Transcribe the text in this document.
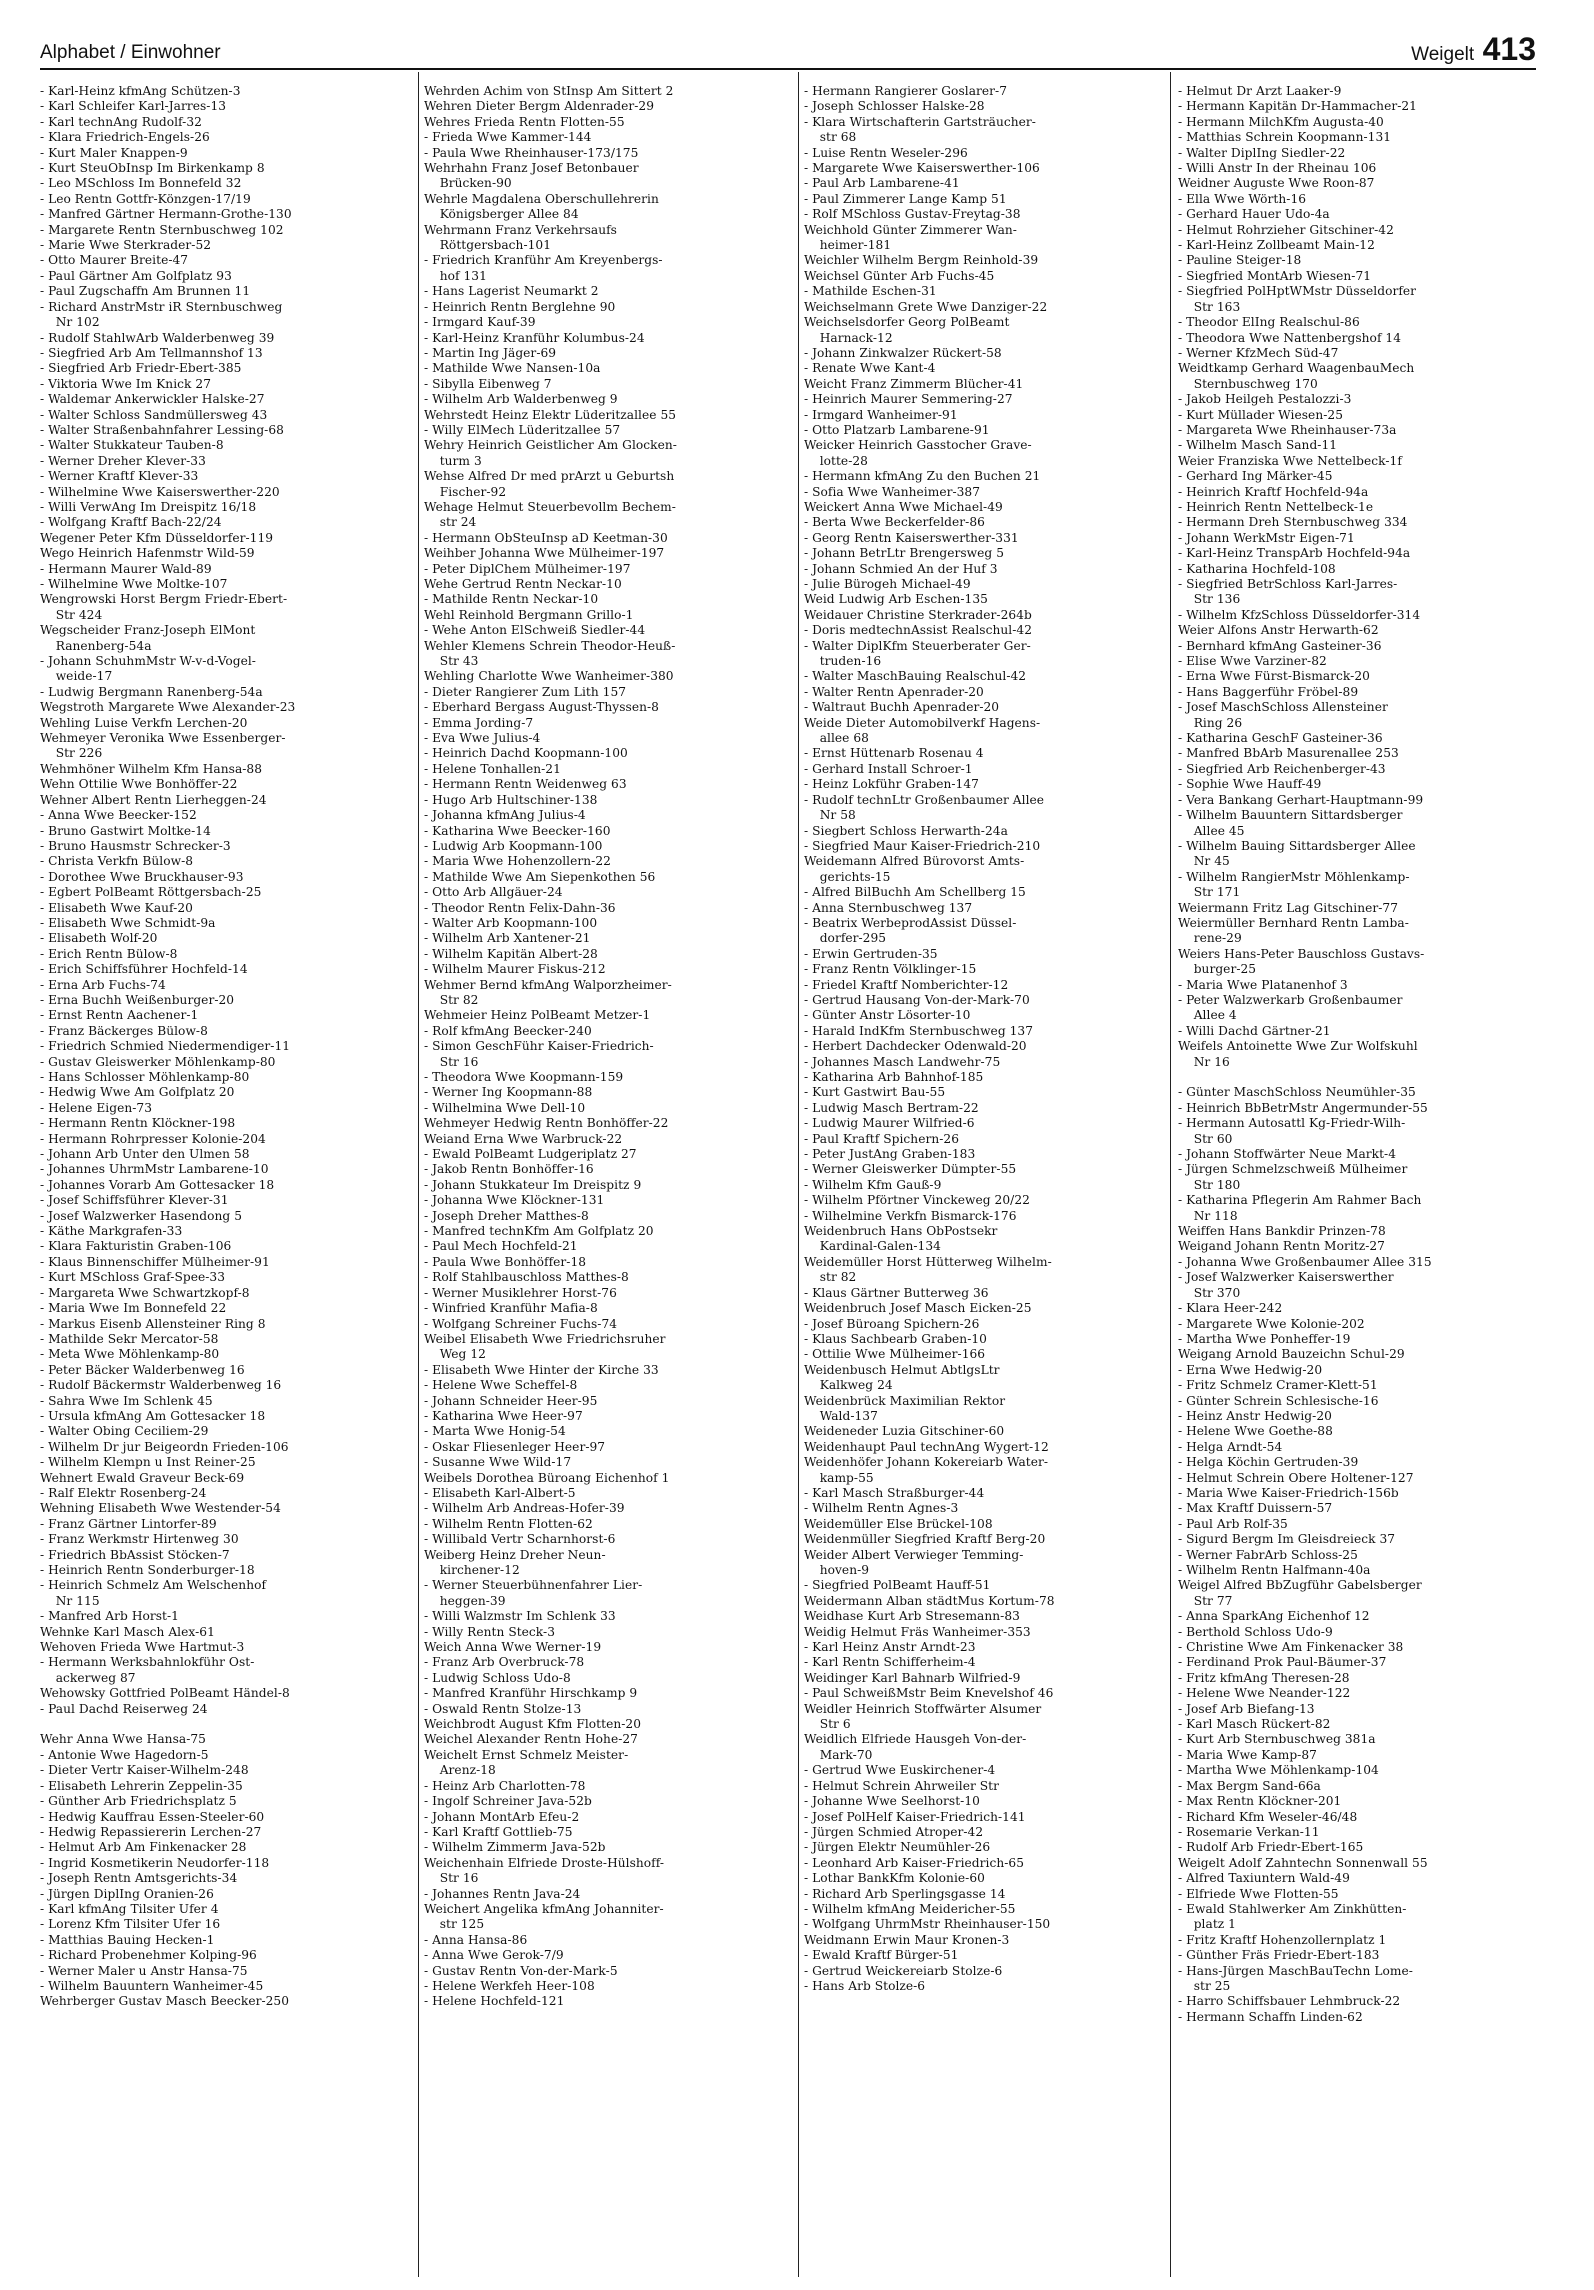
Alphabet / Einwohner	Weigelt 413
- Karl-Heinz kfmAng Schützen-3
- Karl Schleifer Karl-Jarres-13
- Karl technAng Rudolf-32
- Klara Friedrich-Engels-26
- Kurt Maler Knappen-9
- Kurt SteuObInsp Im Birkenkamp 8
- Leo MSchloss Im Bonnefeld 32
- Leo Rentn Gottfr-Könzgen-17/19
- Manfred Gärtner Hermann-Grothe-130
- Margarete Rentn Sternbuschweg 102
- Marie Wwe Sterkrader-52
- Otto Maurer Breite-47
- Paul Gärtner Am Golfplatz 93
- Paul Zugschaffn Am Brunnen 11
- Richard AnstrMstr iR Sternbuschweg
Nr 102
- Rudolf StahlwArb Walderbenweg 39
- Siegfried Arb Am Tellmannshof 13
- Siegfried Arb Friedr-Ebert-385
- Viktoria Wwe Im Knick 27
- Waldemar Ankerwickler Halske-27
- Walter Schloss Sandmüllersweg 43
- Walter Straßenbahnfahrer Lessing-68
- Walter Stukkateur Tauben-8
- Werner Dreher Klever-33
- Werner Kraftf Klever-33
- Wilhelmine Wwe Kaiserswerther-220
- Willi VerwAng Im Dreispitz 16/18
- Wolfgang Kraftf Bach-22/24
Wegener Peter Kfm Düsseldorfer-119
Wego Heinrich Hafenmstr Wild-59
- Hermann Maurer Wald-89
- Wilhelmine Wwe Moltke-107
Wengrowski Horst Bergm Friedr-Ebert-
Str 424
Wegscheider Franz-Joseph ElMont
Ranenberg-54a
- Johann SchuhmMstr W-v-d-Vogel-
weide-17
- Ludwig Bergmann Ranenberg-54a
Wegstroth Margarete Wwe Alexander-23
Wehling Luise Verkfn Lerchen-20
Wehmeyer Veronika Wwe Essenberger-
Str 226
Wehmhöner Wilhelm Kfm Hansa-88
Wehn Ottilie Wwe Bonhöffer-22
Wehner Albert Rentn Lierheggen-24
- Anna Wwe Beecker-152
- Bruno Gastwirt Moltke-14
- Bruno Hausmstr Schrecker-3
- Christa Verkfn Bülow-8
- Dorothee Wwe Bruckhauser-93
- Egbert PolBeamt Röttgersbach-25
- Elisabeth Wwe Kauf-20
- Elisabeth Wwe Schmidt-9a
- Elisabeth Wolf-20
- Erich Rentn Bülow-8
- Erich Schiffsführer Hochfeld-14
- Erna Arb Fuchs-74
- Erna Buchh Weißenburger-20
- Ernst Rentn Aachener-1
- Franz Bäckerges Bülow-8
- Friedrich Schmied Niedermendiger-11
- Gustav Gleiswerker Möhlenkamp-80
- Hans Schlosser Möhlenkamp-80
- Hedwig Wwe Am Golfplatz 20
- Helene Eigen-73
- Hermann Rentn Klöckner-198
- Hermann Rohrpresser Kolonie-204
- Johann Arb Unter den Ulmen 58
- Johannes UhrmMstr Lambarene-10
- Johannes Vorarb Am Gottesacker 18
- Josef Schiffsführer Klever-31
- Josef Walzwerker Hasendong 5
- Käthe Markgrafen-33
- Klara Fakturistin Graben-106
- Klaus Binnenschiffer Mülheimer-91
- Kurt MSchloss Graf-Spee-33
- Margareta Wwe Schwartzkopf-8
- Maria Wwe Im Bonnefeld 22
- Markus Eisenb Allensteiner Ring 8
- Mathilde Sekr Mercator-58
- Meta Wwe Möhlenkamp-80
- Peter Bäcker Walderbenweg 16
- Rudolf Bäckermstr Walderbenweg 16
- Sahra Wwe Im Schlenk 45
- Ursula kfmAng Am Gottesacker 18
- Walter Obing Ceciliem-29
- Wilhelm Dr jur Beigeordn Frieden-106
- Wilhelm Klempn u Inst Reiner-25
Wehnert Ewald Graveur Beck-69
- Ralf Elektr Rosenberg-24
Wehning Elisabeth Wwe Westender-54
- Franz Gärtner Lintorfer-89
- Franz Werkmstr Hirtenweg 30
- Friedrich BbAssist Stöcken-7
- Heinrich Rentn Sonderburger-18
- Heinrich Schmelz Am Welschenhof
Nr 115
- Manfred Arb Horst-1
Wehnke Karl Masch Alex-61
Wehoven Frieda Wwe Hartmut-3
- Hermann Werksbahnlokführ Ost-
ackerweg 87
Wehowsky Gottfried PolBeamt Händel-8
- Paul Dachd Reiserweg 24

Wehr Anna Wwe Hansa-75
- Antonie Wwe Hagedorn-5
- Dieter Vertr Kaiser-Wilhelm-248
- Elisabeth Lehrerin Zeppelin-35
- Günther Arb Friedrichsplatz 5
- Hedwig Kauffrau Essen-Steeler-60
- Hedwig Repassiererin Lerchen-27
- Helmut Arb Am Finkenacker 28
- Ingrid Kosmetikerin Neudorfer-118
- Joseph Rentn Amtsgerichts-34
- Jürgen DiplIng Oranien-26
- Karl kfmAng Tilsiter Ufer 4
- Lorenz Kfm Tilsiter Ufer 16
- Matthias Bauing Hecken-1
- Richard Probenehmer Kolping-96
- Werner Maler u Anstr Hansa-75
- Wilhelm Bauuntern Wanheimer-45
Wehrberger Gustav Masch Beecker-250
Wehrden Achim von StInsp Am Sittert 2
Wehren Dieter Bergm Aldenrader-29
Wehres Frieda Rentn Flotten-55
- Frieda Wwe Kammer-144
- Paula Wwe Rheinhauser-173/175
Wehrhahn Franz Josef Betonbauer
Brücken-90
Wehrle Magdalena Oberschullehrerin
Königsberger Allee 84
Wehrmann Franz Verkehrsaufs
Röttgersbach-101
- Friedrich Kranführ Am Kreyenbergs-
hof 131
- Hans Lagerist Neumarkt 2
- Heinrich Rentn Berglehne 90
- Irmgard Kauf-39
- Karl-Heinz Kranführ Kolumbus-24
- Martin Ing Jäger-69
- Mathilde Wwe Nansen-10a
- Sibylla Eibenweg 7
- Wilhelm Arb Walderbenweg 9
Wehrstedt Heinz Elektr Lüderitzallee 55
- Willy ElMech Lüderitzallee 57
Wehry Heinrich Geistlicher Am Glocken-
turm 3
Wehse Alfred Dr med prArzt u Geburtsh
Fischer-92
Wehage Helmut Steuerbevollm Bechem-
str 24
- Hermann ObSteuInsp aD Keetman-30
Weihber Johanna Wwe Mülheimer-197
- Peter DiplChem Mülheimer-197
Wehe Gertrud Rentn Neckar-10
- Mathilde Rentn Neckar-10
Wehl Reinhold Bergmann Grillo-1
- Wehe Anton ElSchweiß Siedler-44
Wehler Klemens Schrein Theodor-Heuß-
Str 43
Wehling Charlotte Wwe Wanheimer-380
- Dieter Rangierer Zum Lith 157
- Eberhard Bergass August-Thyssen-8
- Emma Jording-7
- Eva Wwe Julius-4
- Heinrich Dachd Koopmann-100
- Helene Tonhallen-21
- Hermann Rentn Weidenweg 63
- Hugo Arb Hultschiner-138
- Johanna kfmAng Julius-4
- Katharina Wwe Beecker-160
- Ludwig Arb Koopmann-100
- Maria Wwe Hohenzollern-22
- Mathilde Wwe Am Siepenkothen 56
- Otto Arb Allgäuer-24
- Theodor Rentn Felix-Dahn-36
- Walter Arb Koopmann-100
- Wilhelm Arb Xantener-21
- Wilhelm Kapitän Albert-28
- Wilhelm Maurer Fiskus-212
Wehmer Bernd kfmAng Walporzheimer-
Str 82
Wehmeier Heinz PolBeamt Metzer-1
- Rolf kfmAng Beecker-240
- Simon GeschFühr Kaiser-Friedrich-
Str 16
- Theodora Wwe Koopmann-159
- Werner Ing Koopmann-88
- Wilhelmina Wwe Dell-10
Wehmeyer Hedwig Rentn Bonhöffer-22
Weiand Erna Wwe Warbruck-22
- Ewald PolBeamt Ludgeriplatz 27
- Jakob Rentn Bonhöffer-16
- Johann Stukkateur Im Dreispitz 9
- Johanna Wwe Klöckner-131
- Joseph Dreher Matthes-8
- Manfred technKfm Am Golfplatz 20
- Paul Mech Hochfeld-21
- Paula Wwe Bonhöffer-18
- Rolf Stahlbauschloss Matthes-8
- Werner Musiklehrer Horst-76
- Winfried Kranführ Mafia-8
- Wolfgang Schreiner Fuchs-74
Weibel Elisabeth Wwe Friedrichsruher
Weg 12
- Elisabeth Wwe Hinter der Kirche 33
- Helene Wwe Scheffel-8
- Johann Schneider Heer-95
- Katharina Wwe Heer-97
- Marta Wwe Honig-54
- Oskar Fliesenleger Heer-97
- Susanne Wwe Wild-17
Weibels Dorothea Büroang Eichenhof 1
- Elisabeth Karl-Albert-5
- Wilhelm Arb Andreas-Hofer-39
- Wilhelm Rentn Flotten-62
- Willibald Vertr Scharnhorst-6
Weiberg Heinz Dreher Neun-
kirchener-12
- Werner Steuerbühnenfahrer Lier-
heggen-39
- Willi Walzmstr Im Schlenk 33
- Willy Rentn Steck-3
Weich Anna Wwe Werner-19
- Franz Arb Overbruck-78
- Ludwig Schloss Udo-8
- Manfred Kranführ Hirschkamp 9
- Oswald Rentn Stolze-13
Weichbrodt August Kfm Flotten-20
Weichel Alexander Rentn Hohe-27
Weichelt Ernst Schmelz Meister-
Arenz-18
- Heinz Arb Charlotten-78
- Ingolf Schreiner Java-52b
- Johann MontArb Efeu-2
- Karl Kraftf Gottlieb-75
- Wilhelm Zimmerm Java-52b
Weichenhain Elfriede Droste-Hülshoff-
Str 16
- Johannes Rentn Java-24
Weichert Angelika kfmAng Johanniter-
str 125
- Anna Hansa-86
- Anna Wwe Gerok-7/9
- Gustav Rentn Von-der-Mark-5
- Helene Werkfeh Heer-108
- Helene Hochfeld-121
- Hermann Rangierer Goslarer-7
- Joseph Schlosser Halske-28
- Klara Wirtschafterin Gartsträucher-
str 68
- Luise Rentn Weseler-296
- Margarete Wwe Kaiserswerther-106
- Paul Arb Lambarene-41
- Paul Zimmerer Lange Kamp 51
- Rolf MSchloss Gustav-Freytag-38
Weichhold Günter Zimmerer Wan-
heimer-181
Weichler Wilhelm Bergm Reinhold-39
Weichsel Günter Arb Fuchs-45
- Mathilde Eschen-31
Weichselmann Grete Wwe Danziger-22
Weichselsdorfer Georg PolBeamt
Harnack-12
- Johann Zinkwalzer Rückert-58
- Renate Wwe Kant-4
Weicht Franz Zimmerm Blücher-41
- Heinrich Maurer Semmering-27
- Irmgard Wanheimer-91
- Otto Platzarb Lambarene-91
Weicker Heinrich Gasstocher Grave-
lotte-28
- Hermann kfmAng Zu den Buchen 21
- Sofia Wwe Wanheimer-387
Weickert Anna Wwe Michael-49
- Berta Wwe Beckerfelder-86
- Georg Rentn Kaiserswerther-331
- Johann BetrLtr Brengersweg 5
- Johann Schmied An der Huf 3
- Julie Bürogeh Michael-49
Weid Ludwig Arb Eschen-135
Weidauer Christine Sterkrader-264b
- Doris medtechnAssist Realschul-42
- Walter DiplKfm Steuerberater Ger-
truden-16
- Walter MaschBauing Realschul-42
- Walter Rentn Apenrader-20
- Waltraut Buchh Apenrader-20
Weide Dieter Automobilverkf Hagens-
allee 68
- Ernst Hüttenarb Rosenau 4
- Gerhard Install Schroer-1
- Heinz Lokführ Graben-147
- Rudolf technLtr Großenbaumer Allee
Nr 58
- Siegbert Schloss Herwarth-24a
- Siegfried Maur Kaiser-Friedrich-210
Weidemann Alfred Bürovorst Amts-
gerichts-15
- Alfred BilBuchh Am Schellberg 15
- Anna Sternbuschweg 137
- Beatrix WerbeprodAssist Düssel-
dorfer-295
- Erwin Gertruden-35
- Franz Rentn Völklinger-15
- Friedel Kraftf Nomberichter-12
- Gertrud Hausang Von-der-Mark-70
- Günter Anstr Lösorter-10
- Harald IndKfm Sternbuschweg 137
- Herbert Dachdecker Odenwald-20
- Johannes Masch Landwehr-75
- Katharina Arb Bahnhof-185
- Kurt Gastwirt Bau-55
- Ludwig Masch Bertram-22
- Ludwig Maurer Wilfried-6
- Paul Kraftf Spichern-26
- Peter JustAng Graben-183
- Werner Gleiswerker Dümpter-55
- Wilhelm Kfm Gauß-9
- Wilhelm Pförtner Vinckeweg 20/22
- Wilhelmine Verkfn Bismarck-176
Weidenbruch Hans ObPostsekr
Kardinal-Galen-134
Weidemüller Horst Hütterweg Wilhelm-
str 82
- Klaus Gärtner Butterweg 36
Weidenbruch Josef Masch Eicken-25
- Josef Büroang Spichern-26
- Klaus Sachbearb Graben-10
- Ottilie Wwe Mülheimer-166
Weidenbusch Helmut AbtlgsLtr
Kalkweg 24
Weidenbrück Maximilian Rektor
Wald-137
Weideneder Luzia Gitschiner-60
Weidenhaupt Paul technAng Wygert-12
Weidenhöfer Johann Kokereiarb Water-
kamp-55
- Karl Masch Straßburger-44
- Wilhelm Rentn Agnes-3
Weidemüller Else Brückel-108
Weidenmüller Siegfried Kraftf Berg-20
Weider Albert Verwieger Temming-
hoven-9
- Siegfried PolBeamt Hauff-51
Weidermann Alban städtMus Kortum-78
Weidhase Kurt Arb Stresemann-83
Weidig Helmut Fräs Wanheimer-353
- Karl Heinz Anstr Arndt-23
- Karl Rentn Schifferheim-4
Weidinger Karl Bahnarb Wilfried-9
- Paul SchweißMstr Beim Knevelshof 46
Weidler Heinrich Stoffwärter Alsumer
Str 6
Weidlich Elfriede Hausgeh Von-der-
Mark-70
- Gertrud Wwe Euskirchener-4
- Helmut Schrein Ahrweiler Str
- Johanne Wwe Seelhorst-10
- Josef PolHelf Kaiser-Friedrich-141
- Jürgen Schmied Atroper-42
- Jürgen Elektr Neumühler-26
- Leonhard Arb Kaiser-Friedrich-65
- Lothar BankKfm Kolonie-60
- Richard Arb Sperlingsgasse 14
- Wilhelm kfmAng Meidericher-55
- Wolfgang UhrmMstr Rheinhauser-150
Weidmann Erwin Maur Kronen-3
- Ewald Kraftf Bürger-51
- Gertrud Weickereiarb Stolze-6
- Hans Arb Stolze-6
- Helmut Dr Arzt Laaker-9
- Hermann Kapitän Dr-Hammacher-21
- Hermann MilchKfm Augusta-40
- Matthias Schrein Koopmann-131
- Walter DiplIng Siedler-22
- Willi Anstr In der Rheinau 106
Weidner Auguste Wwe Roon-87
- Ella Wwe Wörth-16
- Gerhard Hauer Udo-4a
- Helmut Rohrzieher Gitschiner-42
- Karl-Heinz Zollbeamt Main-12
- Pauline Steiger-18
- Siegfried MontArb Wiesen-71
- Siegfried PolHptWMstr Düsseldorfer
Str 163
- Theodor ElIng Realschul-86
- Theodora Wwe Nattenbergshof 14
- Werner KfzMech Süd-47
Weidtkamp Gerhard WaagenbauMech
Sternbuschweg 170
- Jakob Heilgeh Pestalozzi-3
- Kurt Müllader Wiesen-25
- Margareta Wwe Rheinhauser-73a
- Wilhelm Masch Sand-11
Weier Franziska Wwe Nettelbeck-1f
- Gerhard Ing Märker-45
- Heinrich Kraftf Hochfeld-94a
- Heinrich Rentn Nettelbeck-1e
- Hermann Dreh Sternbuschweg 334
- Johann WerkMstr Eigen-71
- Karl-Heinz TranspArb Hochfeld-94a
- Katharina Hochfeld-108
- Siegfried BetrSchloss Karl-Jarres-
Str 136
- Wilhelm KfzSchloss Düsseldorfer-314
Weier Alfons Anstr Herwarth-62
- Bernhard kfmAng Gasteiner-36
- Elise Wwe Varziner-82
- Erna Wwe Fürst-Bismarck-20
- Hans Baggerführ Fröbel-89
- Josef MaschSchloss Allensteiner
Ring 26
- Katharina GeschF Gasteiner-36
- Manfred BbArb Masurenallee 253
- Siegfried Arb Reichenberger-43
- Sophie Wwe Hauff-49
- Vera Bankang Gerhart-Hauptmann-99
- Wilhelm Bauuntern Sittardsberger
Allee 45
- Wilhelm Bauing Sittardsberger Allee
Nr 45
- Wilhelm RangierMstr Möhlenkamp-
Str 171
Weiermann Fritz Lag Gitschiner-77
Weiermüller Bernhard Rentn Lamba-
rene-29
Weiers Hans-Peter Bauschloss Gustavs-
burger-25
- Maria Wwe Platanenhof 3
- Peter Walzwerkarb Großenbaumer
Allee 4
- Willi Dachd Gärtner-21
Weifels Antoinette Wwe Zur Wolfskuhl
Nr 16

- Günter MaschSchloss Neumühler-35
- Heinrich BbBetrMstr Angermunder-55
- Hermann Autosattl Kg-Friedr-Wilh-
Str 60
- Johann Stoffwärter Neue Markt-4
- Jürgen Schmelzschweiß Mülheimer
Str 180
- Katharina Pflegerin Am Rahmer Bach
Nr 118
Weiffen Hans Bankdir Prinzen-78
Weigand Johann Rentn Moritz-27
- Johanna Wwe Großenbaumer Allee 315
- Josef Walzwerker Kaiserswerther
Str 370
- Klara Heer-242
- Margarete Wwe Kolonie-202
- Martha Wwe Ponheffer-19
Weigang Arnold Bauzeichn Schul-29
- Erna Wwe Hedwig-20
- Fritz Schmelz Cramer-Klett-51
- Günter Schrein Schlesische-16
- Heinz Anstr Hedwig-20
- Helene Wwe Goethe-88
- Helga Arndt-54
- Helga Köchin Gertruden-39
- Helmut Schrein Obere Holtener-127
- Maria Wwe Kaiser-Friedrich-156b
- Max Kraftf Duissern-57
- Paul Arb Rolf-35
- Sigurd Bergm Im Gleisdreieck 37
- Werner FabrArb Schloss-25
- Wilhelm Rentn Halfmann-40a
Weigel Alfred BbZugführ Gabelsberger
Str 77
- Anna SparkAng Eichenhof 12
- Berthold Schloss Udo-9
- Christine Wwe Am Finkenacker 38
- Ferdinand Prok Paul-Bäumer-37
- Fritz kfmAng Theresen-28
- Helene Wwe Neander-122
- Josef Arb Biefang-13
- Karl Masch Rückert-82
- Kurt Arb Sternbuschweg 381a
- Maria Wwe Kamp-87
- Martha Wwe Möhlenkamp-104
- Max Bergm Sand-66a
- Max Rentn Klöckner-201
- Richard Kfm Weseler-46/48
- Rosemarie Verkan-11
- Rudolf Arb Friedr-Ebert-165
Weigelt Adolf Zahntechn Sonnenwall 55
- Alfred Taxiuntern Wald-49
- Elfriede Wwe Flotten-55
- Ewald Stahlwerker Am Zinkhütten-
platz 1
- Fritz Kraftf Hohenzollernplatz 1
- Günther Fräs Friedr-Ebert-183
- Hans-Jürgen MaschBauTechn Lome-
str 25
- Harro Schiffsbauer Lehmbruck-22
- Hermann Schaffn Linden-62
